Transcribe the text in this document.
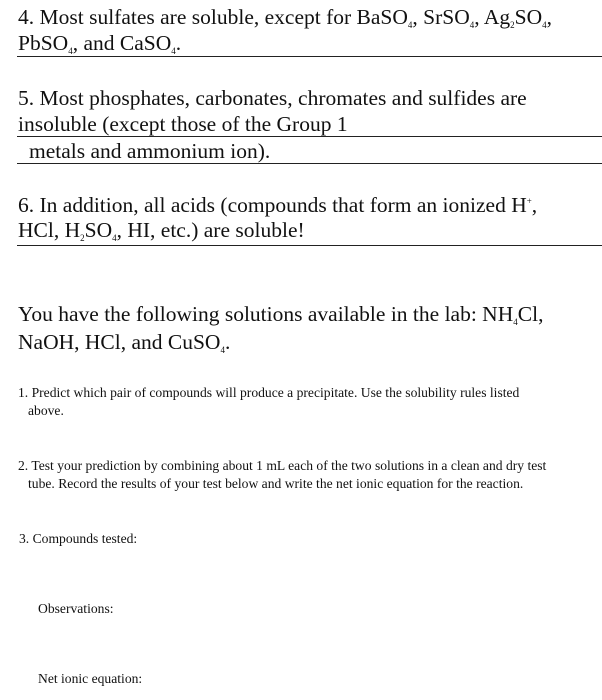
4. Most sulfates are soluble, except for BaSO$_4$, SrSO$_4$, $Ag_2SO_4$,
PbSO$_4$, and CaSO$_4$.
5. Most phosphates, carbonates, chromates and sulfides are
insoluble (except those of the Group 1
metals and ammonium ion).
6. In addition, all acids (compounds that form an ionized H+,
HCl, $H_2SO_4$, HI, etc.) are soluble!
You have the following solutions available in the lab: $NH_4Cl$,
NaOH, HCl, and CuSO$_4$.
1. Predict which pair of compounds will produce a precipitate. Use the solubility rules listed
above.
2. Test your prediction by combining about 1 mL each of the two solutions in a clean and dry test
tube. Record the results of your test below and write the net ionic equation for the reaction.
3. Compounds tested:
Observations:
Net ionic equation:
